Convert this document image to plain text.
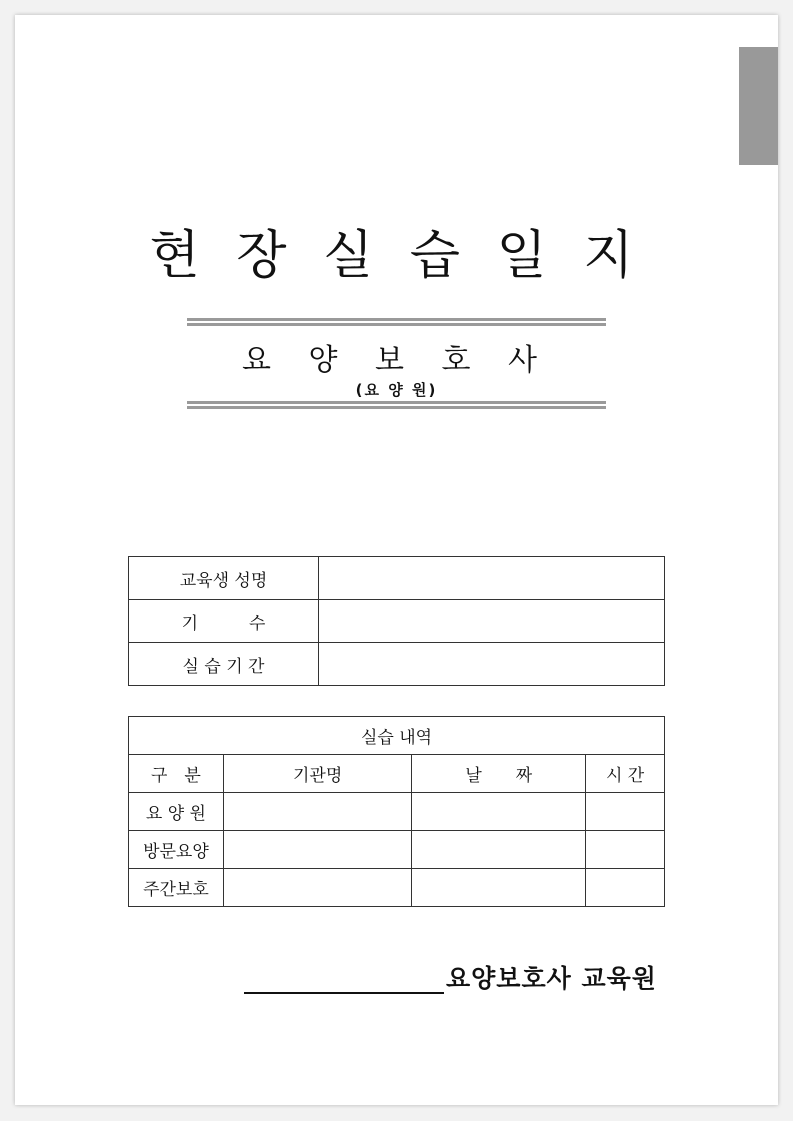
현 장 실 습 일 지
요 양 보 호 사
(요 양 원)
교육생 성명	
기　　　수	
실 습 기 간	
실습 내역			
구　분	기관명	날　　짜	시 간
요 양 원			
방문요양			
주간보호			
요양보호사 교육원
